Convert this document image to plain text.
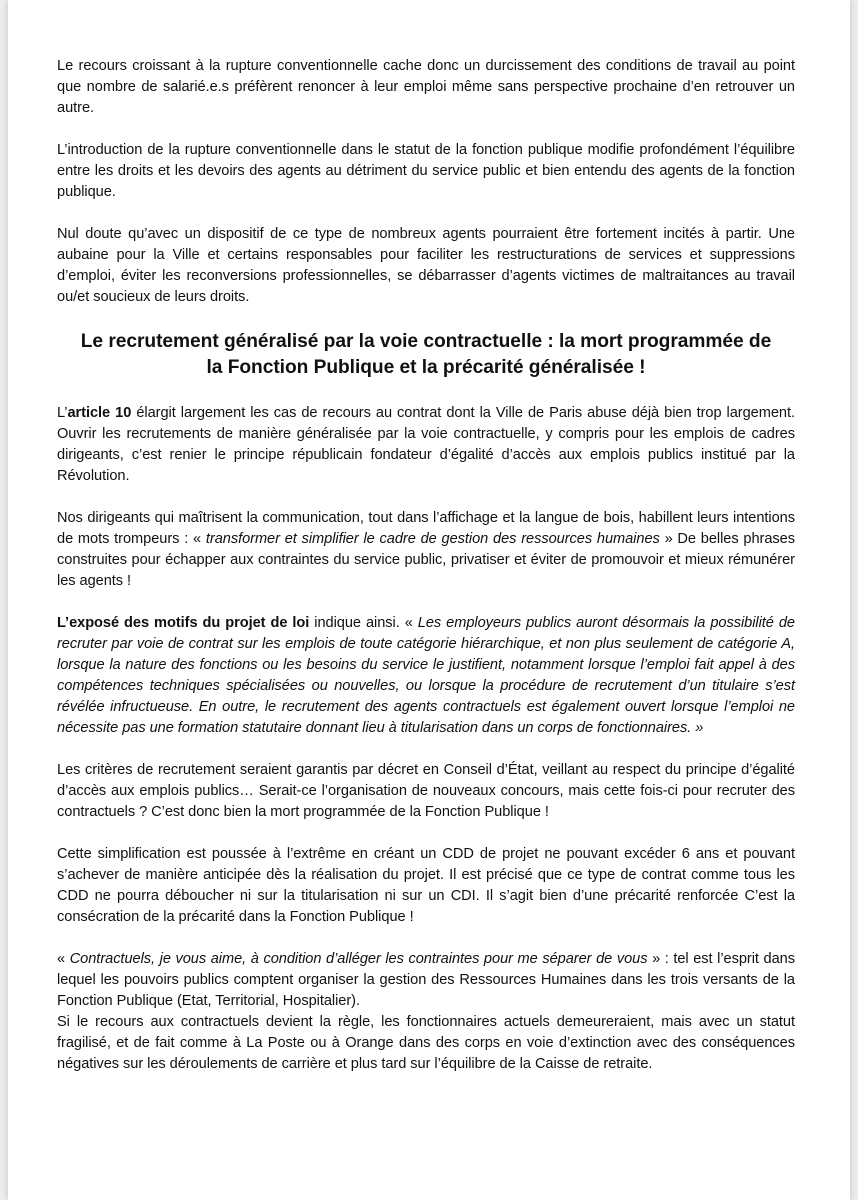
Le recours croissant à la rupture conventionnelle cache donc un durcissement des conditions de travail au point que nombre de salarié.e.s préfèrent renoncer à leur emploi même sans perspective prochaine d’en retrouver un autre.

L’introduction de la rupture conventionnelle dans le statut de la fonction publique modifie profondément l’équilibre entre les droits et les devoirs des agents au détriment du service public et bien entendu des agents de la fonction publique.

Nul doute qu’avec un dispositif de ce type de nombreux agents pourraient être fortement incités à partir. Une aubaine pour la Ville et certains responsables pour faciliter les restructurations de services et suppressions d’emploi, éviter les reconversions professionnelles, se débarrasser d’agents victimes de maltraitances au travail ou/et soucieux de leurs droits.

Le recrutement généralisé par la voie contractuelle : la mort programmée de
la Fonction Publique et la précarité généralisée !

L’article 10 élargit largement les cas de recours au contrat dont la Ville de Paris abuse déjà bien trop largement. Ouvrir les recrutements de manière généralisée par la voie contractuelle, y compris pour les emplois de cadres dirigeants, c’est renier le principe républicain fondateur d’égalité d’accès aux emplois publics institué par la Révolution.

Nos dirigeants qui maîtrisent la communication, tout dans l’affichage et la langue de bois, habillent leurs intentions de mots trompeurs : « transformer et simplifier le cadre de gestion des ressources humaines » De belles phrases construites pour échapper aux contraintes du service public, privatiser et éviter de promouvoir et mieux rémunérer les agents !

L’exposé des motifs du projet de loi indique ainsi. « Les employeurs publics auront désormais la possibilité de recruter par voie de contrat sur les emplois de toute catégorie hiérarchique, et non plus seulement de catégorie A, lorsque la nature des fonctions ou les besoins du service le justifient, notamment lorsque l’emploi fait appel à des compétences techniques spécialisées ou nouvelles, ou lorsque la procédure de recrutement d’un titulaire s’est révélée infructueuse. En outre, le recrutement des agents contractuels est également ouvert lorsque l’emploi ne nécessite pas une formation statutaire donnant lieu à titularisation dans un corps de fonctionnaires. »

Les critères de recrutement seraient garantis par décret en Conseil d’État, veillant au respect du principe d’égalité d’accès aux emplois publics… Serait-ce l’organisation de nouveaux concours, mais cette fois-ci pour recruter des contractuels ? C’est donc bien la mort programmée de la Fonction Publique !

Cette simplification est poussée à l’extrême en créant un CDD de projet ne pouvant excéder 6 ans et pouvant s’achever de manière anticipée dès la réalisation du projet. Il est précisé que ce type de contrat comme tous les CDD ne pourra déboucher ni sur la titularisation ni sur un CDI. Il s’agit bien d’une précarité renforcée C’est la consécration de la précarité dans la Fonction Publique !

« Contractuels, je vous aime, à condition d’alléger les contraintes pour me séparer de vous » : tel est l’esprit dans lequel les pouvoirs publics comptent organiser la gestion des Ressources Humaines dans les trois versants de la Fonction Publique (Etat, Territorial, Hospitalier).

Si le recours aux contractuels devient la règle, les fonctionnaires actuels demeureraient, mais avec un statut fragilisé, et de fait comme à La Poste ou à Orange dans des corps en voie d’extinction avec des conséquences négatives sur les déroulements de carrière et plus tard sur l’équilibre de la Caisse de retraite.
